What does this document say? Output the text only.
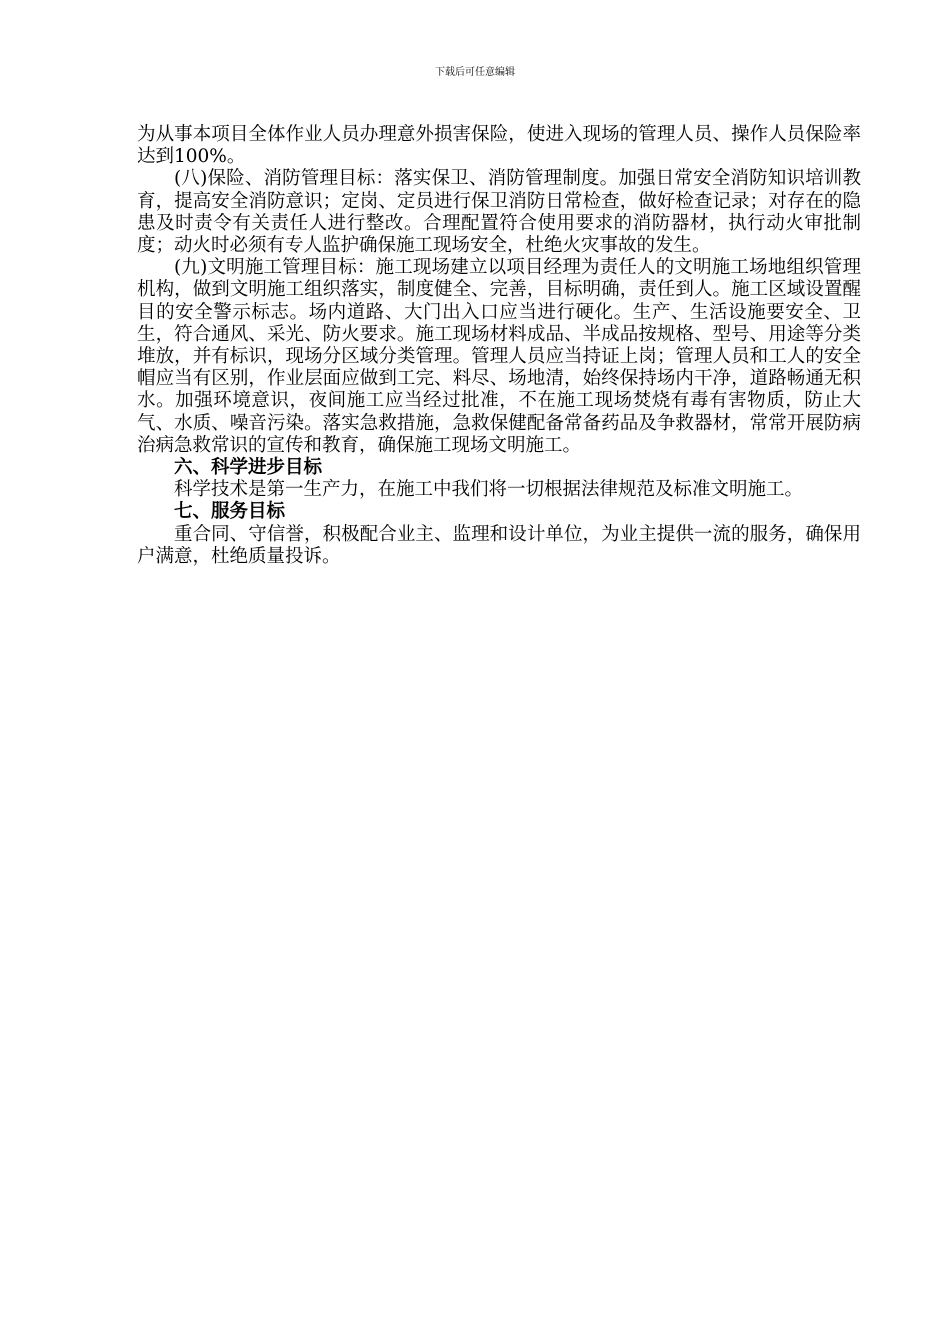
下载后可任意编辑

为从事本项目全体作业人员办理意外损害保险，使进入现场的管理人员、操作人员保险率达到100%。

(八)保险、消防管理目标：落实保卫、消防管理制度。加强日常安全消防知识培训教育，提高安全消防意识；定岗、定员进行保卫消防日常检查，做好检查记录；对存在的隐患及时责令有关责任人进行整改。合理配置符合使用要求的消防器材，执行动火审批制度；动火时必须有专人监护确保施工现场安全，杜绝火灾事故的发生。

(九)文明施工管理目标：施工现场建立以项目经理为责任人的文明施工场地组织管理机构，做到文明施工组织落实，制度健全、完善，目标明确，责任到人。施工区域设置醒目的安全警示标志。场内道路、大门出入口应当进行硬化。生产、生活设施要安全、卫生，符合通风、采光、防火要求。施工现场材料成品、半成品按规格、型号、用途等分类堆放，并有标识，现场分区域分类管理。管理人员应当持证上岗；管理人员和工人的安全帽应当有区别，作业层面应做到工完、料尽、场地清，始终保持场内干净，道路畅通无积水。加强环境意识，夜间施工应当经过批准，不在施工现场焚烧有毒有害物质，防止大气、水质、噪音污染。落实急救措施，急救保健配备常备药品及争救器材，常常开展防病治病急救常识的宣传和教育，确保施工现场文明施工。

六、科学进步目标

科学技术是第一生产力，在施工中我们将一切根据法律规范及标准文明施工。

七、服务目标

重合同、守信誉，积极配合业主、监理和设计单位，为业主提供一流的服务，确保用户满意，杜绝质量投诉。
